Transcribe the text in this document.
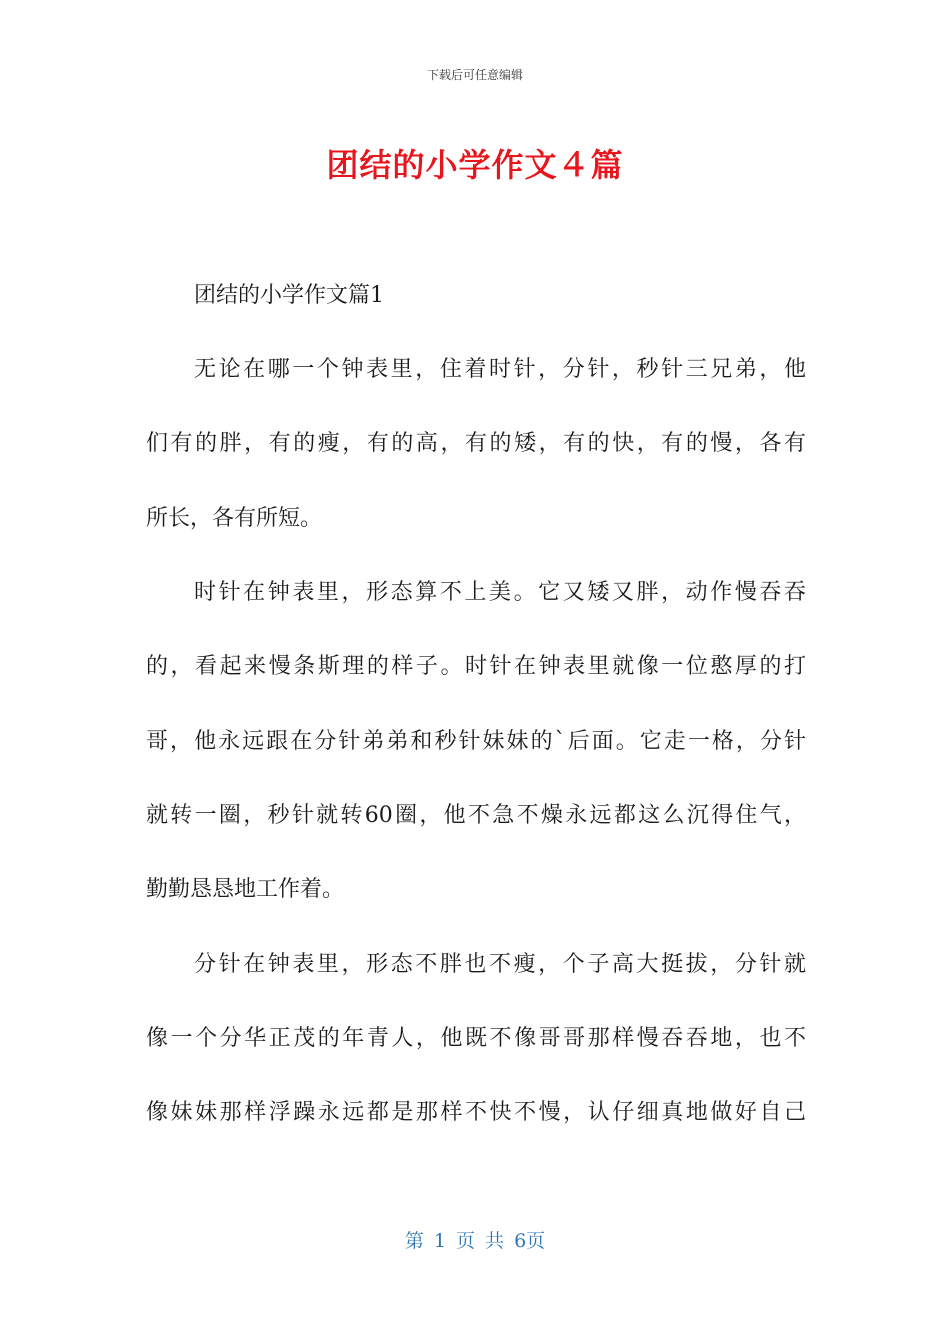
下载后可任意编辑
团结的小学作文４篇
团结的小学作文篇1
无论在哪一个钟表里，住着时针，分针，秒针三兄弟，他
们有的胖，有的瘦，有的高，有的矮，有的快，有的慢，各有
所长，各有所短。
时针在钟表里，形态算不上美。它又矮又胖，动作慢吞吞
的，看起来慢条斯理的样子。时针在钟表里就像一位憨厚的打
哥，他永远跟在分针弟弟和秒针妹妹的`后面。它走一格，分针
就转一圈，秒针就转60圈，他不急不燥永远都这么沉得住气，
勤勤恳恳地工作着。
分针在钟表里，形态不胖也不瘦，个子高大挺拔，分针就
像一个分华正茂的年青人，他既不像哥哥那样慢吞吞地，也不
像妹妹那样浮躁永远都是那样不快不慢，认仔细真地做好自己
第 1 页 共 6页
